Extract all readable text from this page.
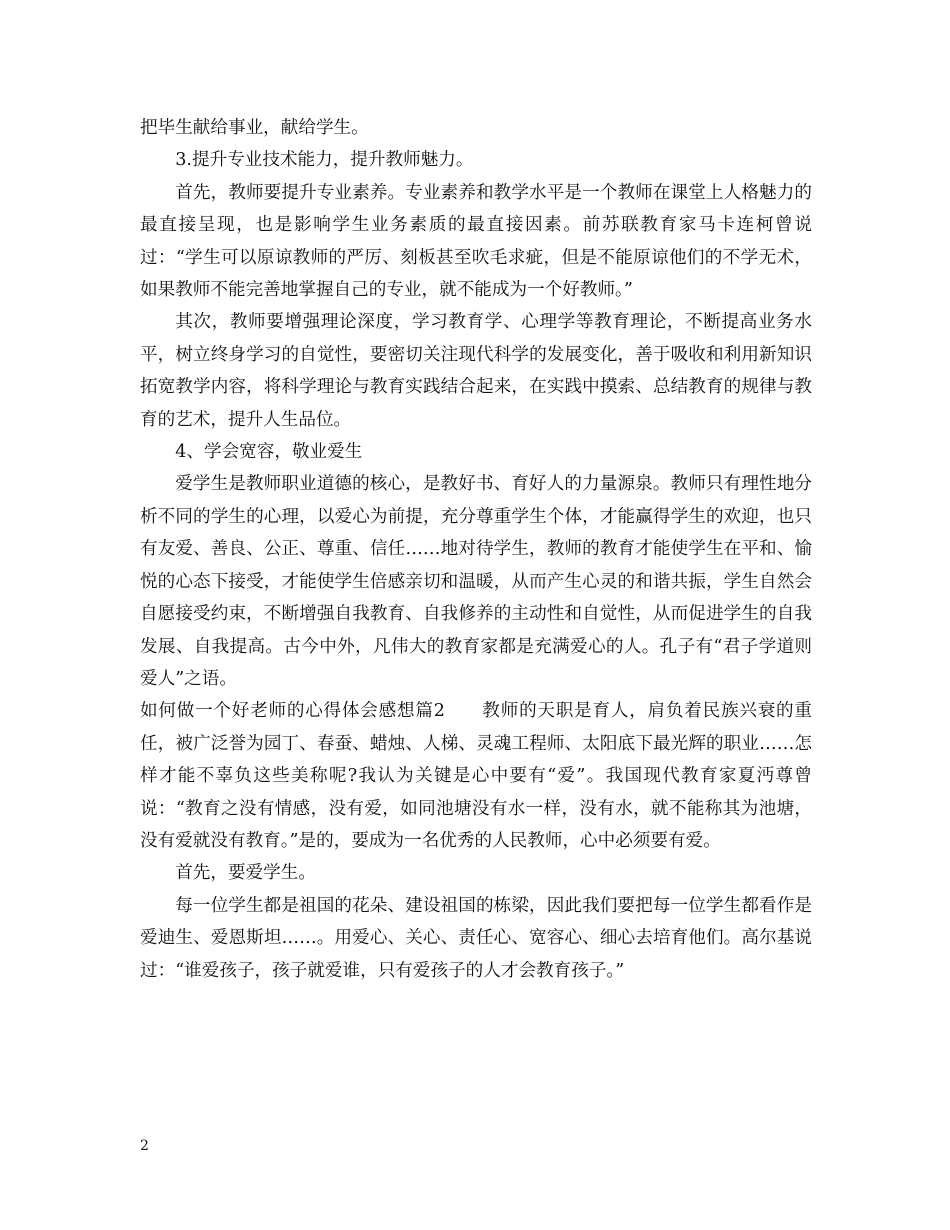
把毕生献给事业，献给学生。

3.提升专业技术能力，提升教师魅力。

首先，教师要提升专业素养。专业素养和教学水平是一个教师在课堂上人格魅力的最直接呈现，也是影响学生业务素质的最直接因素。前苏联教育家马卡连柯曾说过：“学生可以原谅教师的严厉、刻板甚至吹毛求疵，但是不能原谅他们的不学无术，如果教师不能完善地掌握自己的专业，就不能成为一个好教师。”

其次，教师要增强理论深度，学习教育学、心理学等教育理论，不断提高业务水平，树立终身学习的自觉性，要密切关注现代科学的发展变化，善于吸收和利用新知识拓宽教学内容，将科学理论与教育实践结合起来，在实践中摸索、总结教育的规律与教育的艺术，提升人生品位。

4、学会宽容，敬业爱生

爱学生是教师职业道德的核心，是教好书、育好人的力量源泉。教师只有理性地分析不同的学生的心理，以爱心为前提，充分尊重学生个体，才能赢得学生的欢迎，也只有友爱、善良、公正、尊重、信任……地对待学生，教师的教育才能使学生在平和、愉悦的心态下接受，才能使学生倍感亲切和温暖，从而产生心灵的和谐共振，学生自然会自愿接受约束，不断增强自我教育、自我修养的主动性和自觉性，从而促进学生的自我发展、自我提高。古今中外，凡伟大的教育家都是充满爱心的人。孔子有“君子学道则爱人”之语。

如何做一个好老师的心得体会感想篇2　　教师的天职是育人，肩负着民族兴衰的重任，被广泛誉为园丁、春蚕、蜡烛、人梯、灵魂工程师、太阳底下最光辉的职业……怎样才能不辜负这些美称呢?我认为关键是心中要有“爱”。我国现代教育家夏沔尊曾说：“教育之没有情感，没有爱，如同池塘没有水一样，没有水，就不能称其为池塘，没有爱就没有教育。”是的，要成为一名优秀的人民教师，心中必须要有爱。

首先，要爱学生。

每一位学生都是祖国的花朵、建设祖国的栋梁，因此我们要把每一位学生都看作是爱迪生、爱恩斯坦……。用爱心、关心、责任心、宽容心、细心去培育他们。高尔基说过：“谁爱孩子，孩子就爱谁，只有爱孩子的人才会教育孩子。”

2
